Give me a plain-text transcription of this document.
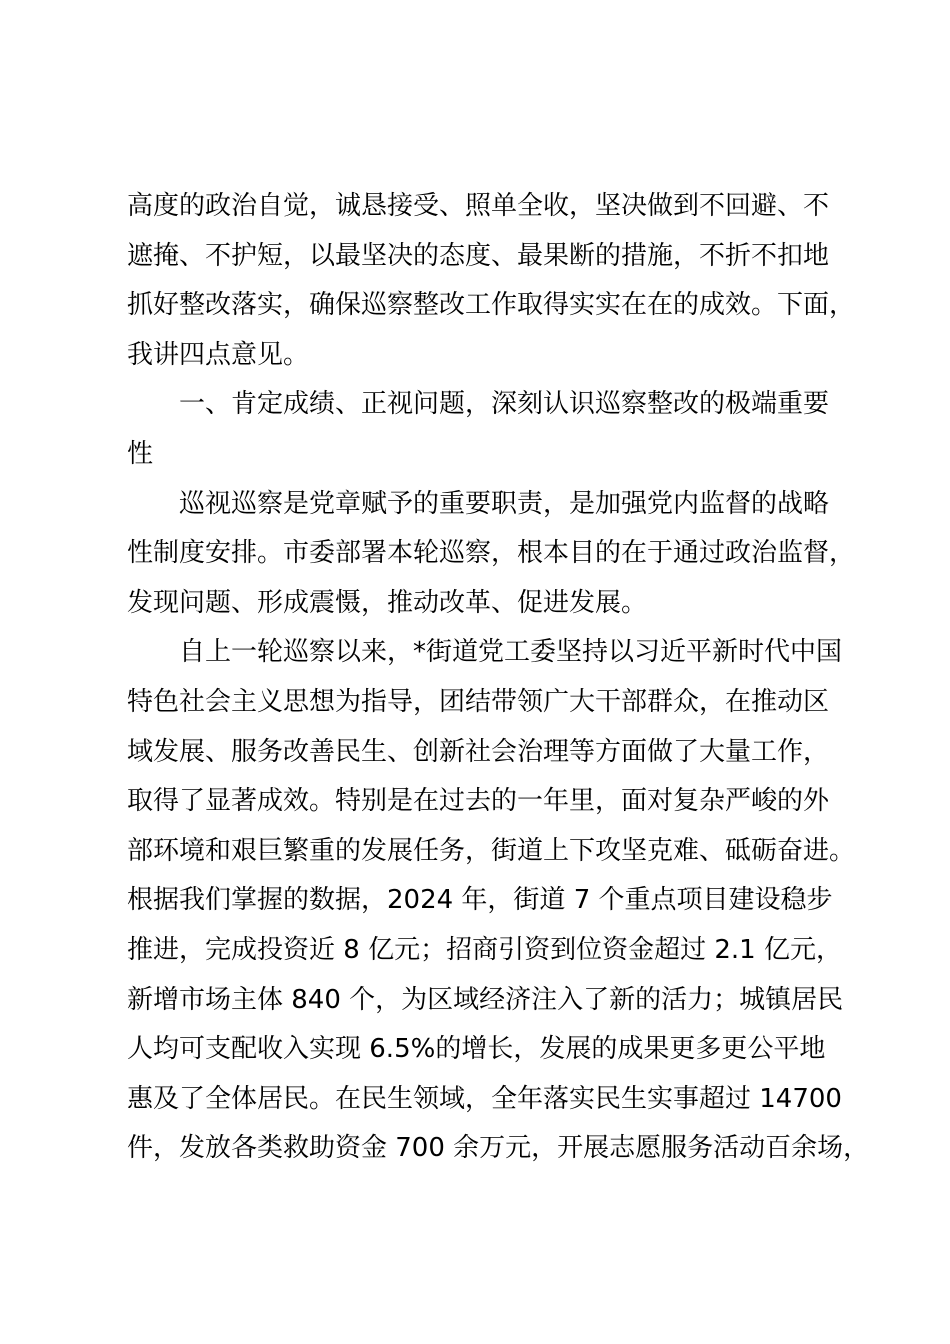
高度的政治自觉，诚恳接受、照单全收，坚决做到不回避、不
遮掩、不护短，以最坚决的态度、最果断的措施，不折不扣地
抓好整改落实，确保巡察整改工作取得实实在在的成效。下面，
我讲四点意见。
一、肯定成绩、正视问题，深刻认识巡察整改的极端重要
性
巡视巡察是党章赋予的重要职责，是加强党内监督的战略
性制度安排。市委部署本轮巡察，根本目的在于通过政治监督，
发现问题、形成震慑，推动改革、促进发展。
自上一轮巡察以来，*街道党工委坚持以习近平新时代中国
特色社会主义思想为指导，团结带领广大干部群众，在推动区
域发展、服务改善民生、创新社会治理等方面做了大量工作，
取得了显著成效。特别是在过去的一年里，面对复杂严峻的外
部环境和艰巨繁重的发展任务，街道上下攻坚克难、砥砺奋进。
根据我们掌握的数据，2024 年，街道 7 个重点项目建设稳步
推进，完成投资近 8 亿元；招商引资到位资金超过 2.1 亿元，
新增市场主体 840 个，为区域经济注入了新的活力；城镇居民
人均可支配收入实现 6.5%的增长，发展的成果更多更公平地
惠及了全体居民。在民生领域，全年落实民生实事超过 14700
件，发放各类救助资金 700 余万元，开展志愿服务活动百余场，
